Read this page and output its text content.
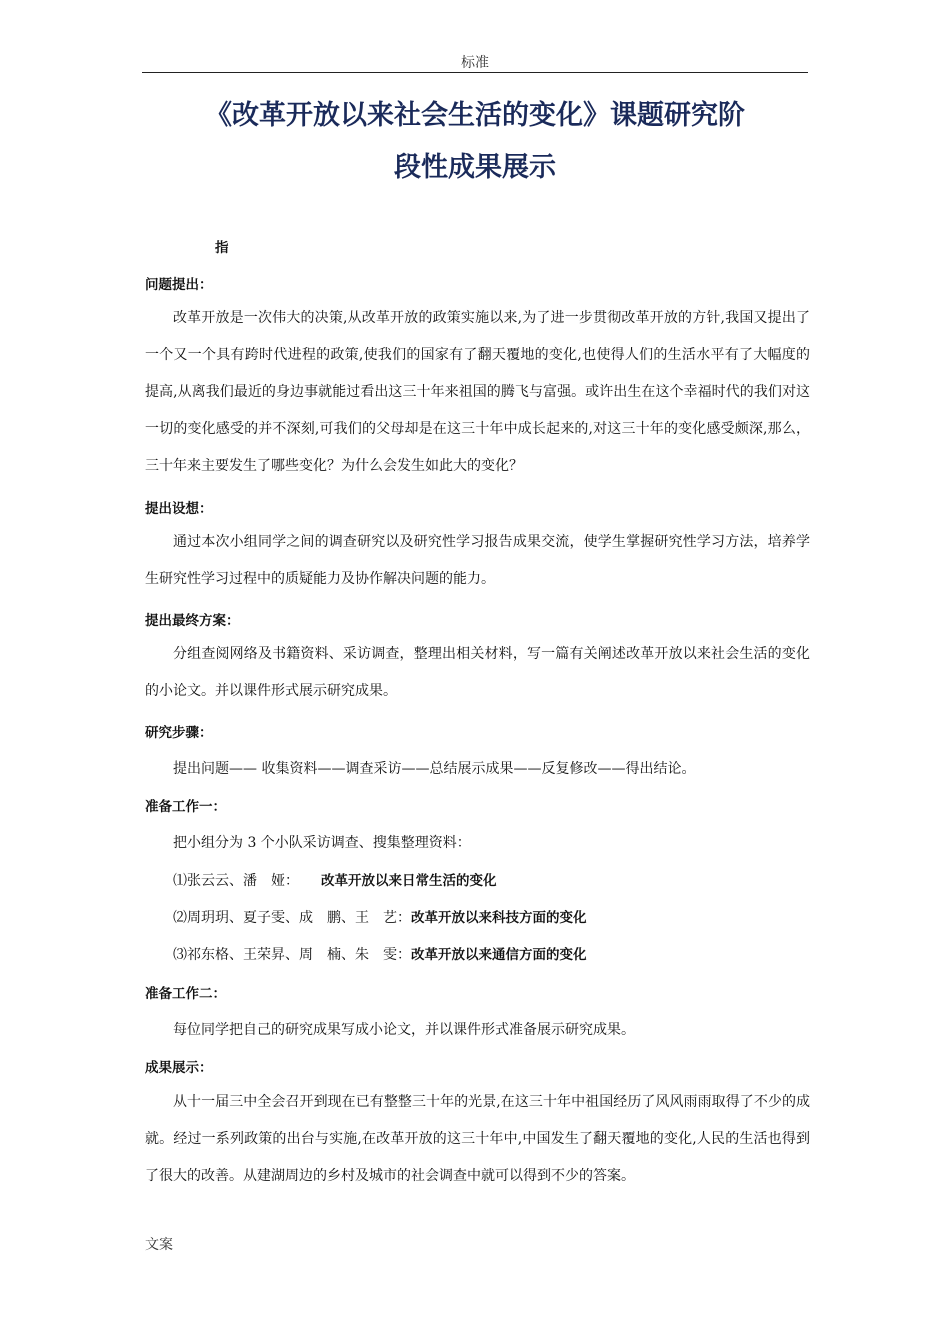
标准
《改革开放以来社会生活的变化》课题研究阶
段性成果展示
指
问题提出：

改革开放是一次伟大的决策,从改革开放的政策实施以来,为了进一步贯彻改革开放的方针,我国又提出了一个又一个具有跨时代进程的政策,使我们的国家有了翻天覆地的变化,也使得人们的生活水平有了大幅度的提高,从离我们最近的身边事就能过看出这三十年来祖国的腾飞与富强。或许出生在这个幸福时代的我们对这一切的变化感受的并不深刻,可我们的父母却是在这三十年中成长起来的,对这三十年的变化感受颇深,那么，三十年来主要发生了哪些变化？为什么会发生如此大的变化？

提出设想：

通过本次小组同学之间的调查研究以及研究性学习报告成果交流，使学生掌握研究性学习方法，培养学生研究性学习过程中的质疑能力及协作解决问题的能力。

提出最终方案：

分组查阅网络及书籍资料、采访调查，整理出相关材料，写一篇有关阐述改革开放以来社会生活的变化的小论文。并以课件形式展示研究成果。

研究步骤：
提出问题—— 收集资料——调查采访——总结展示成果——反复修改——得出结论。
准备工作一：
把小组分为 3 个小队采访调查、搜集整理资料：
⑴张云云、潘　娅： 改革开放以来日常生活的变化
⑵周玥玥、夏子雯、成　鹏、王　艺：改革开放以来科技方面的变化
⑶祁东格、王荣昇、周　楠、朱　雯：改革开放以来通信方面的变化
准备工作二：
每位同学把自己的研究成果写成小论文，并以课件形式准备展示研究成果。
成果展示：

从十一届三中全会召开到现在已有整整三十年的光景,在这三十年中祖国经历了风风雨雨取得了不少的成就。经过一系列政策的出台与实施,在改革开放的这三十年中,中国发生了翻天覆地的变化,人民的生活也得到了很大的改善。从建湖周边的乡村及城市的社会调查中就可以得到不少的答案。

文案
